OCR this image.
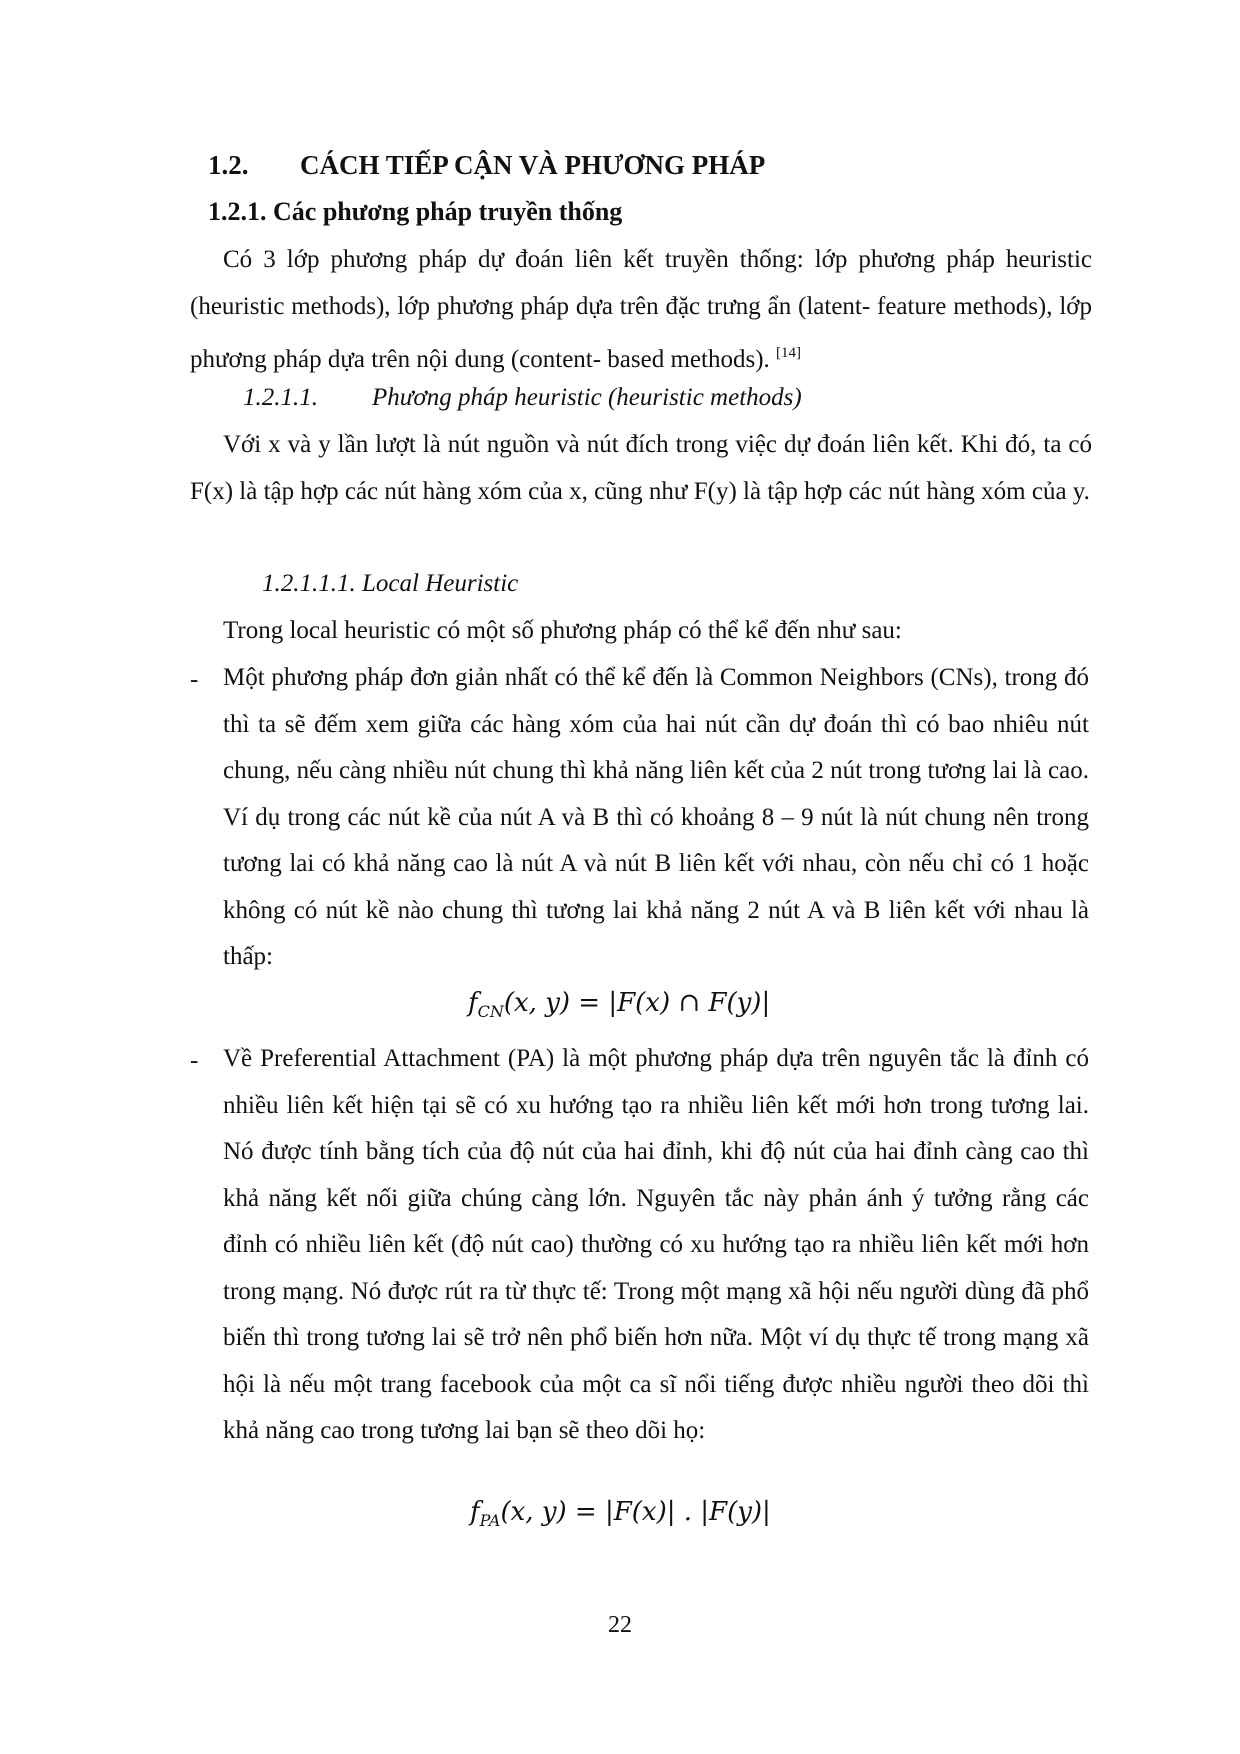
1.2. CÁCH TIẾP CẬN VÀ PHƯƠNG PHÁP
1.2.1. Các phương pháp truyền thống
Có 3 lớp phương pháp dự đoán liên kết truyền thống: lớp phương pháp heuristic (heuristic methods), lớp phương pháp dựa trên đặc trưng ẩn (latent- feature methods), lớp phương pháp dựa trên nội dung (content- based methods). [14]
1.2.1.1. Phương pháp heuristic (heuristic methods)
Với x và y lần lượt là nút nguồn và nút đích trong việc dự đoán liên kết. Khi đó, ta có F(x) là tập hợp các nút hàng xóm của x, cũng như F(y) là tập hợp các nút hàng xóm của y.
1.2.1.1.1. Local Heuristic
Trong local heuristic có một số phương pháp có thể kể đến như sau:
- Một phương pháp đơn giản nhất có thể kể đến là Common Neighbors (CNs), trong đó thì ta sẽ đếm xem giữa các hàng xóm của hai nút cần dự đoán thì có bao nhiêu nút chung, nếu càng nhiều nút chung thì khả năng liên kết của 2 nút trong tương lai là cao. Ví dụ trong các nút kề của nút A và B thì có khoảng 8 – 9 nút là nút chung nên trong tương lai có khả năng cao là nút A và nút B liên kết với nhau, còn nếu chỉ có 1 hoặc không có nút kề nào chung thì tương lai khả năng 2 nút A và B liên kết với nhau là thấp:
$f_{CN}(x$, y) = |F(x) ∩ F(y)|
- Về Preferential Attachment (PA) là một phương pháp dựa trên nguyên tắc là đỉnh có nhiều liên kết hiện tại sẽ có xu hướng tạo ra nhiều liên kết mới hơn trong tương lai. Nó được tính bằng tích của độ nút của hai đỉnh, khi độ nút của hai đỉnh càng cao thì khả năng kết nối giữa chúng càng lớn. Nguyên tắc này phản ánh ý tưởng rằng các đỉnh có nhiều liên kết (độ nút cao) thường có xu hướng tạo ra nhiều liên kết mới hơn trong mạng. Nó được rút ra từ thực tế: Trong một mạng xã hội nếu người dùng đã phổ biến thì trong tương lai sẽ trở nên phổ biến hơn nữa. Một ví dụ thực tế trong mạng xã hội là nếu một trang facebook của một ca sĩ nổi tiếng được nhiều người theo dõi thì khả năng cao trong tương lai bạn sẽ theo dõi họ:
$f_{PA}(x$, y) = |F(x)| . |F(y)|
22
